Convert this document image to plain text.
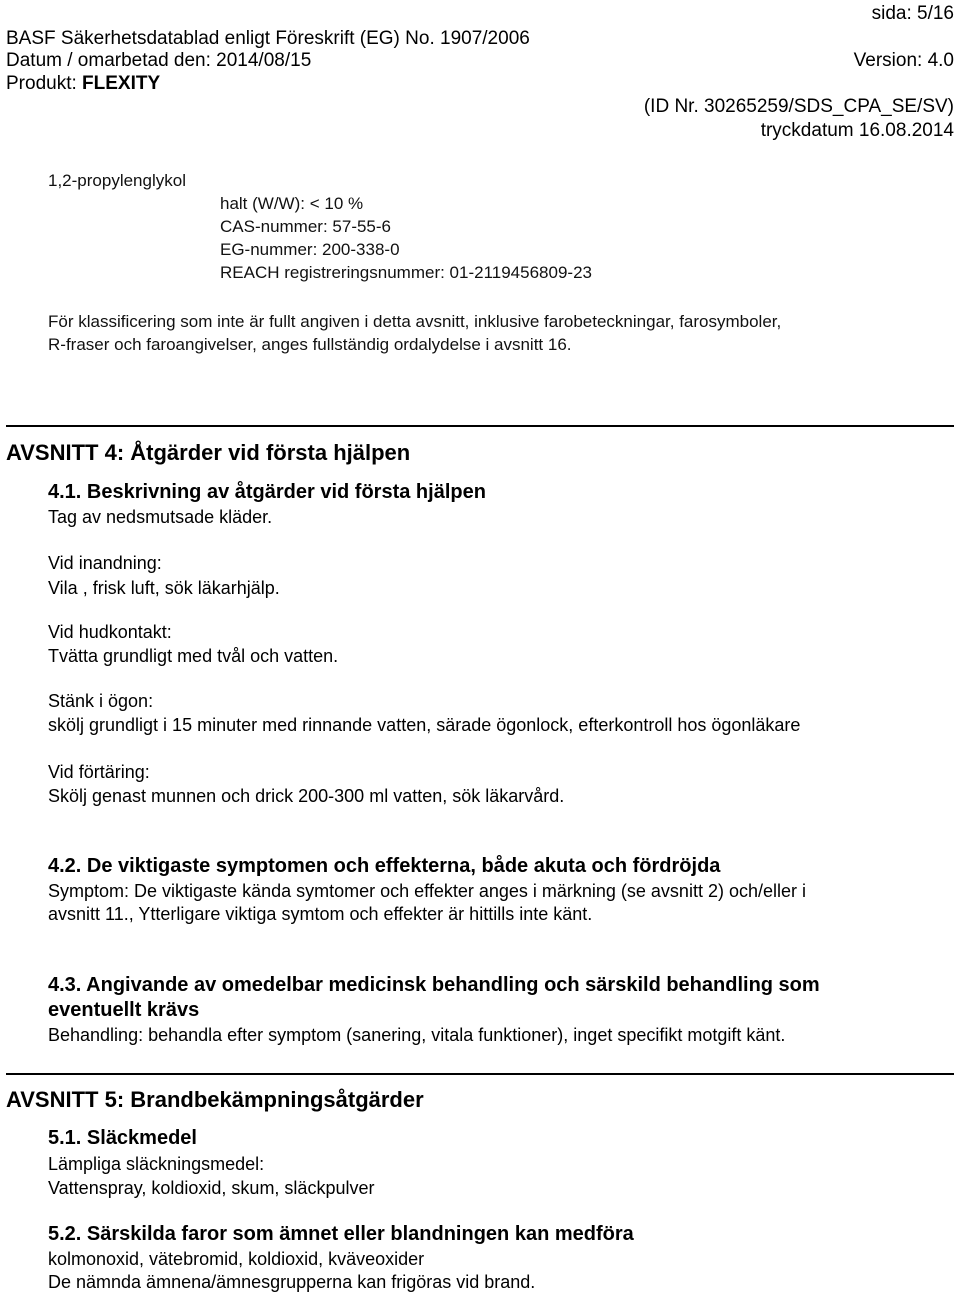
sida: 5/16
BASF Säkerhetsdatablad enligt Föreskrift (EG) No. 1907/2006
Datum / omarbetad den: 2014/08/15	Version: 4.0
Produkt: FLEXITY
(ID Nr. 30265259/SDS_CPA_SE/SV)
tryckdatum 16.08.2014
1,2-propylenglykol
halt (W/W): < 10 %
CAS-nummer: 57-55-6
EG-nummer: 200-338-0
REACH registreringsnummer: 01-2119456809-23
För klassificering som inte är fullt angiven i detta avsnitt, inklusive farobeteckningar, farosymboler,
R-fraser och faroangivelser, anges fullständig ordalydelse i avsnitt 16.
AVSNITT 4: Åtgärder vid första hjälpen
4.1. Beskrivning av åtgärder vid första hjälpen
Tag av nedsmutsade kläder.
Vid inandning:
Vila , frisk luft, sök läkarhjälp.
Vid hudkontakt:
Tvätta grundligt med tvål och vatten.
Stänk i ögon:
skölj grundligt i 15 minuter med rinnande vatten, särade ögonlock, efterkontroll hos ögonläkare
Vid förtäring:
Skölj genast munnen och drick 200-300 ml vatten, sök läkarvård.
4.2. De viktigaste symptomen och effekterna, både akuta och fördröjda
Symptom: De viktigaste kända symtomer och effekter anges i märkning (se avsnitt 2) och/eller i
avsnitt 11., Ytterligare viktiga symtom och effekter är hittills inte känt.
4.3. Angivande av omedelbar medicinsk behandling och särskild behandling som
eventuellt krävs
Behandling: behandla efter symptom (sanering, vitala funktioner), inget specifikt motgift känt.
AVSNITT 5: Brandbekämpningsåtgärder
5.1. Släckmedel
Lämpliga släckningsmedel:
Vattenspray, koldioxid, skum, släckpulver
5.2. Särskilda faror som ämnet eller blandningen kan medföra
kolmonoxid, vätebromid, koldioxid, kväveoxider
De nämnda ämnena/ämnesgrupperna kan frigöras vid brand.
